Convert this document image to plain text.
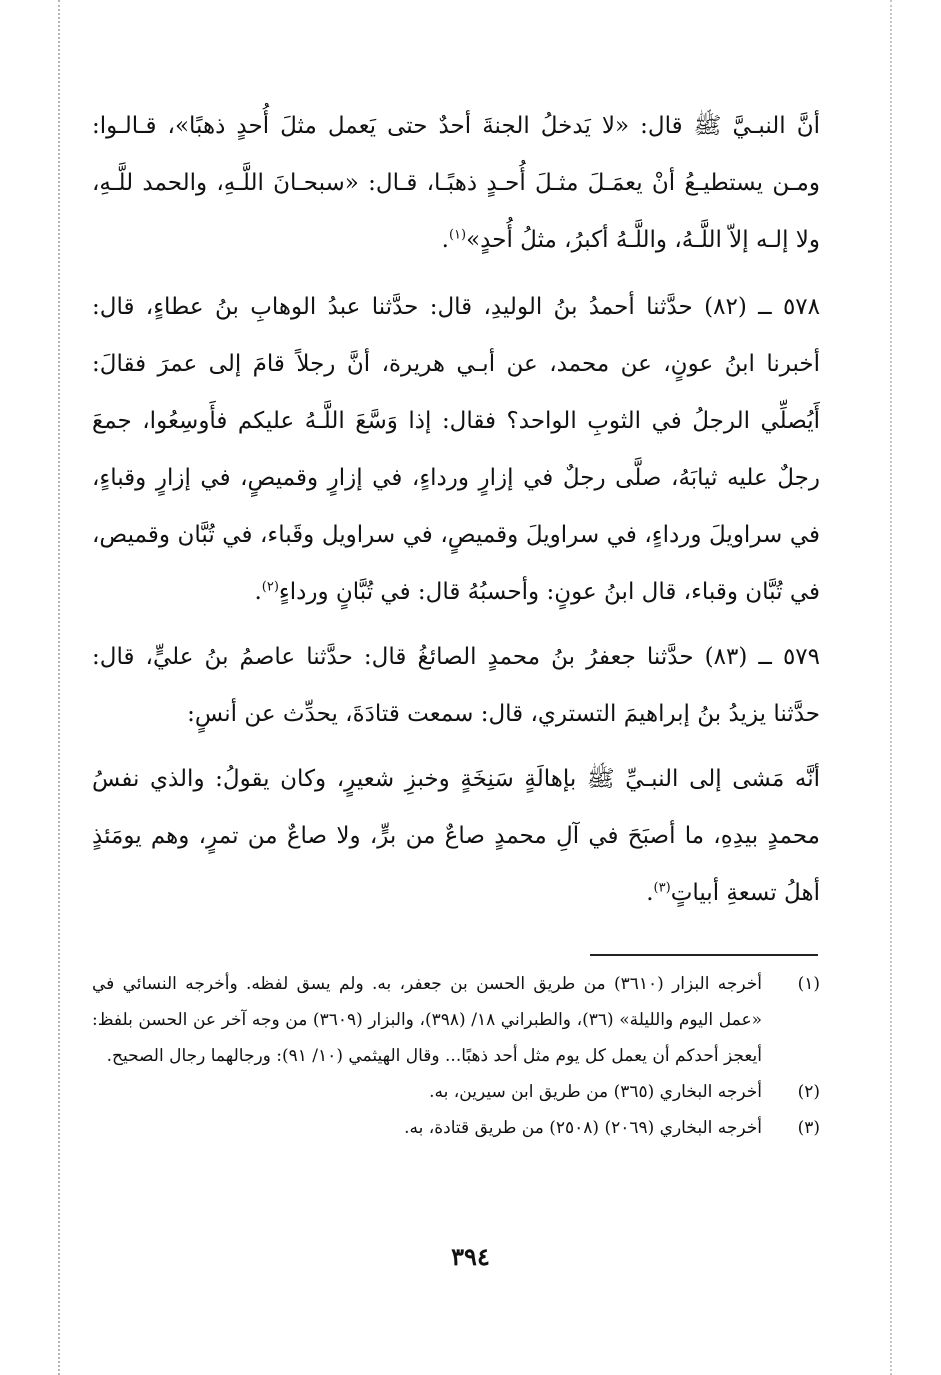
أنَّ النبـيَّ ﷺ قال: «لا يَدخلُ الجنةَ أحدٌ حتى يَعمل مثلَ أُحدٍ ذهبًا»، قـالـوا: ومـن يستطيـعُ أنْ يعمَـلَ مثـلَ أُحـدٍ ذهبًـا، قـال: «سبحـانَ اللَّـهِ، والحمد للَّـهِ، ولا إلـه إلاّ اللَّـهُ، واللَّـهُ أكبرُ، مثلُ أُحدٍ»$^{(١)}$.

٥٧٨ ــ (٨٢) حدَّثنا أحمدُ بنُ الوليدِ، قال: حدَّثنا عبدُ الوهابِ بنُ عطاءٍ، قال: أخبرنا ابنُ عونٍ، عن محمد، عن أبـي هريرة، أنَّ رجلاً قامَ إلى عمرَ فقالَ: أَيُصلِّي الرجلُ في الثوبِ الواحد؟ فقال: إذا وَسَّعَ اللَّـهُ عليكم فأَوسِعُوا، جمعَ رجلٌ عليه ثيابَهُ، صلَّى رجلٌ في إزارٍ ورداءٍ، في إزارٍ وقميصٍ، في إزارٍ وقباءٍ، في سراويلَ ورداءٍ، في سراويلَ وقميصٍ، في سراويل وقَباء، في تُبَّان وقميص، في تُبَّان وقباء، قال ابنُ عونٍ: وأحسبُهُ قال: في تُبَّانٍ ورداءٍ$^{(٢)}$.

٥٧٩ ــ (٨٣) حدَّثنا جعفرُ بنُ محمدٍ الصائغُ قال: حدَّثنا عاصمُ بنُ عليٍّ، قال: حدَّثنا يزيدُ بنُ إبراهيمَ التستري، قال: سمعت قتادَةَ، يحدِّث عن أنسٍ:

أنَّه مَشى إلى النبـيِّ ﷺ بإهالَةٍ سَنِخَةٍ وخبزِ شعيرٍ، وكان يقولُ: والذي نفسُ محمدٍ بيدِهِ، ما أصبَحَ في آلِ محمدٍ صاعٌ من برٍّ، ولا صاعٌ من تمرٍ، وهم يومَئذٍ أهلُ تسعةِ أبياتٍ$^{(٣)}$.

(١)
أخرجه البزار (٣٦١٠) من طريق الحسن بن جعفر، به. ولم يسق لفظه. وأخرجه النسائي في «عمل اليوم والليلة» (٣٦)، والطبراني ١٨/ (٣٩٨)، والبزار (٣٦٠٩) من وجه آخر عن الحسن بلفظ: أيعجز أحدكم أن يعمل كل يوم مثل أحد ذهبًا... وقال الهيثمي (١٠/ ٩١): ورجالهما رجال الصحيح.
(٢)
أخرجه البخاري (٣٦٥) من طريق ابن سيرين، به.
(٣)
أخرجه البخاري (٢٠٦٩) (٢٥٠٨) من طريق قتادة، به.
٣٩٤
